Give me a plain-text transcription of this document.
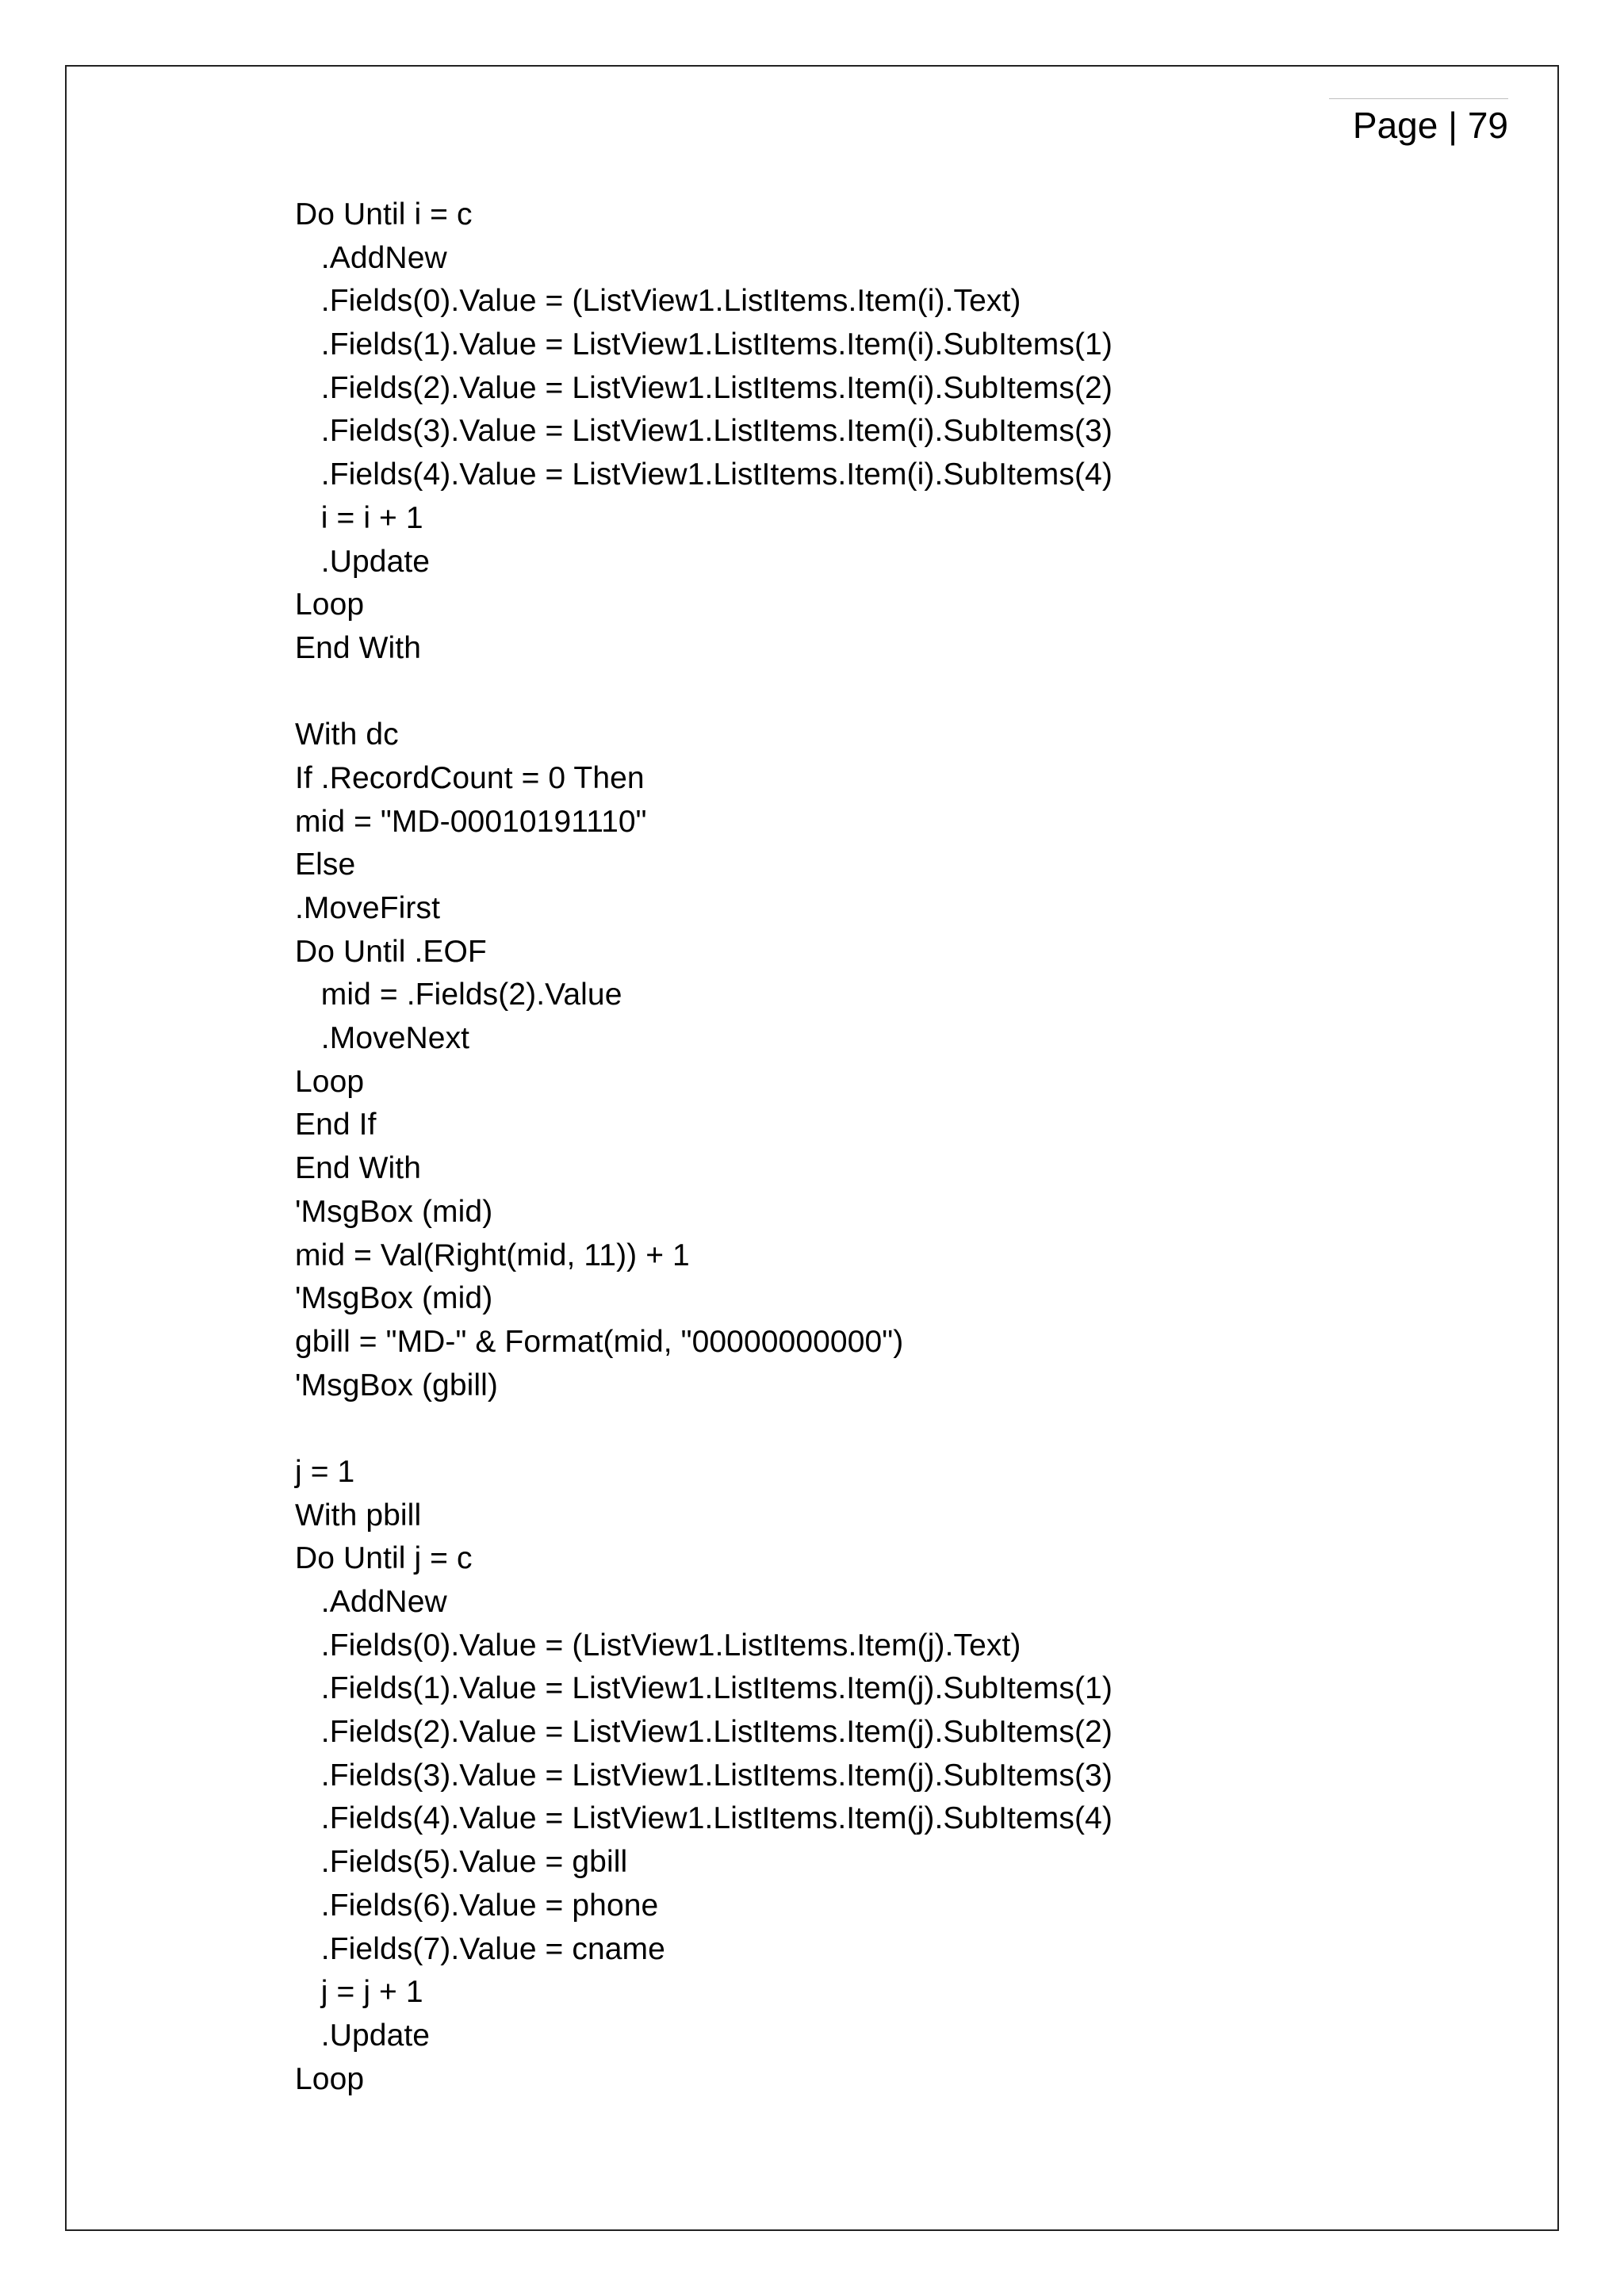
Page | 79
Do Until i = c
.AddNew
.Fields(0).Value = (ListView1.ListItems.Item(i).Text)
.Fields(1).Value = ListView1.ListItems.Item(i).SubItems(1)
.Fields(2).Value = ListView1.ListItems.Item(i).SubItems(2)
.Fields(3).Value = ListView1.ListItems.Item(i).SubItems(3)
.Fields(4).Value = ListView1.ListItems.Item(i).SubItems(4)
i = i + 1
.Update
Loop
End With
With dc
If .RecordCount = 0 Then
mid = "MD-00010191110"
Else
.MoveFirst
Do Until .EOF
mid = .Fields(2).Value
.MoveNext
Loop
End If
End With
'MsgBox (mid)
mid = Val(Right(mid, 11)) + 1
'MsgBox (mid)
gbill = "MD-" & Format(mid, "00000000000")
'MsgBox (gbill)
j = 1
With pbill
Do Until j = c
.AddNew
.Fields(0).Value = (ListView1.ListItems.Item(j).Text)
.Fields(1).Value = ListView1.ListItems.Item(j).SubItems(1)
.Fields(2).Value = ListView1.ListItems.Item(j).SubItems(2)
.Fields(3).Value = ListView1.ListItems.Item(j).SubItems(3)
.Fields(4).Value = ListView1.ListItems.Item(j).SubItems(4)
.Fields(5).Value = gbill
.Fields(6).Value = phone
.Fields(7).Value = cname
j = j + 1
.Update
Loop
